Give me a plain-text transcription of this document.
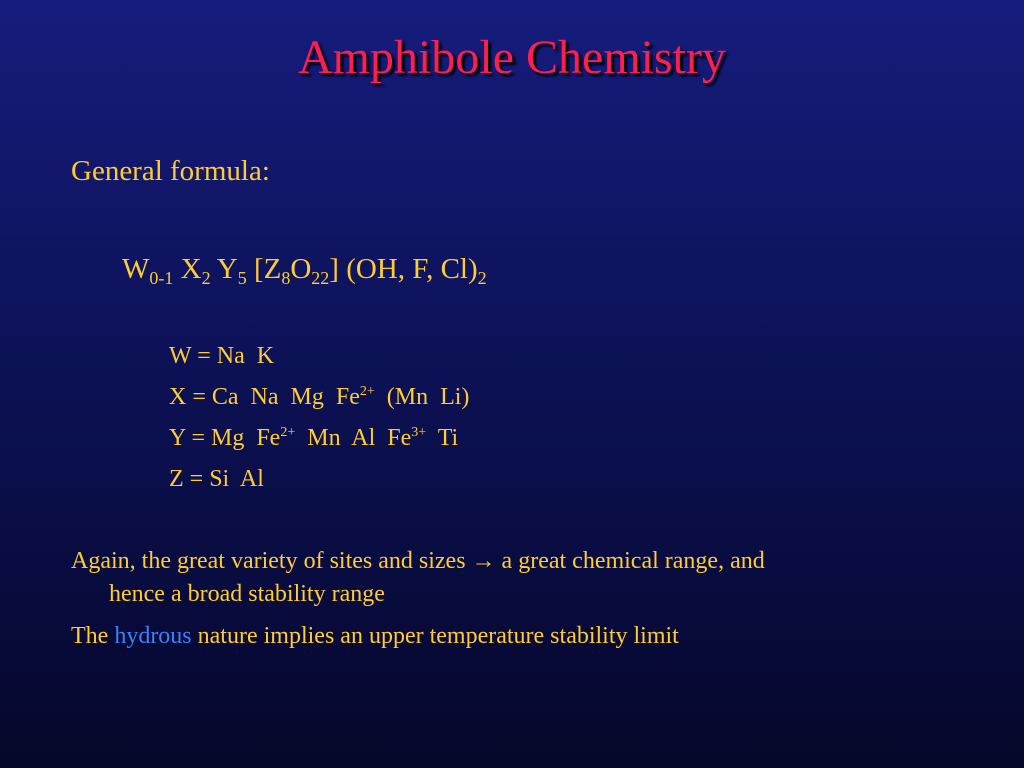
Amphibole Chemistry
General formula:
$W_{0-1}$ $X_2$ $Y_5$ $[Z_8O_{22}]$ (OH, F, $Cl)_2$
W = Na  K
X = Ca  Na  Mg  $Fe^{2+}$  (Mn  Li)
Y = Mg  $Fe^{2+}$  Mn  Al  $Fe^{3+}$  Ti
Z = Si  Al
Again, the great variety of sites and sizes → a great chemical range, and
hence a broad stability range
The hydrous nature implies an upper temperature stability limit
